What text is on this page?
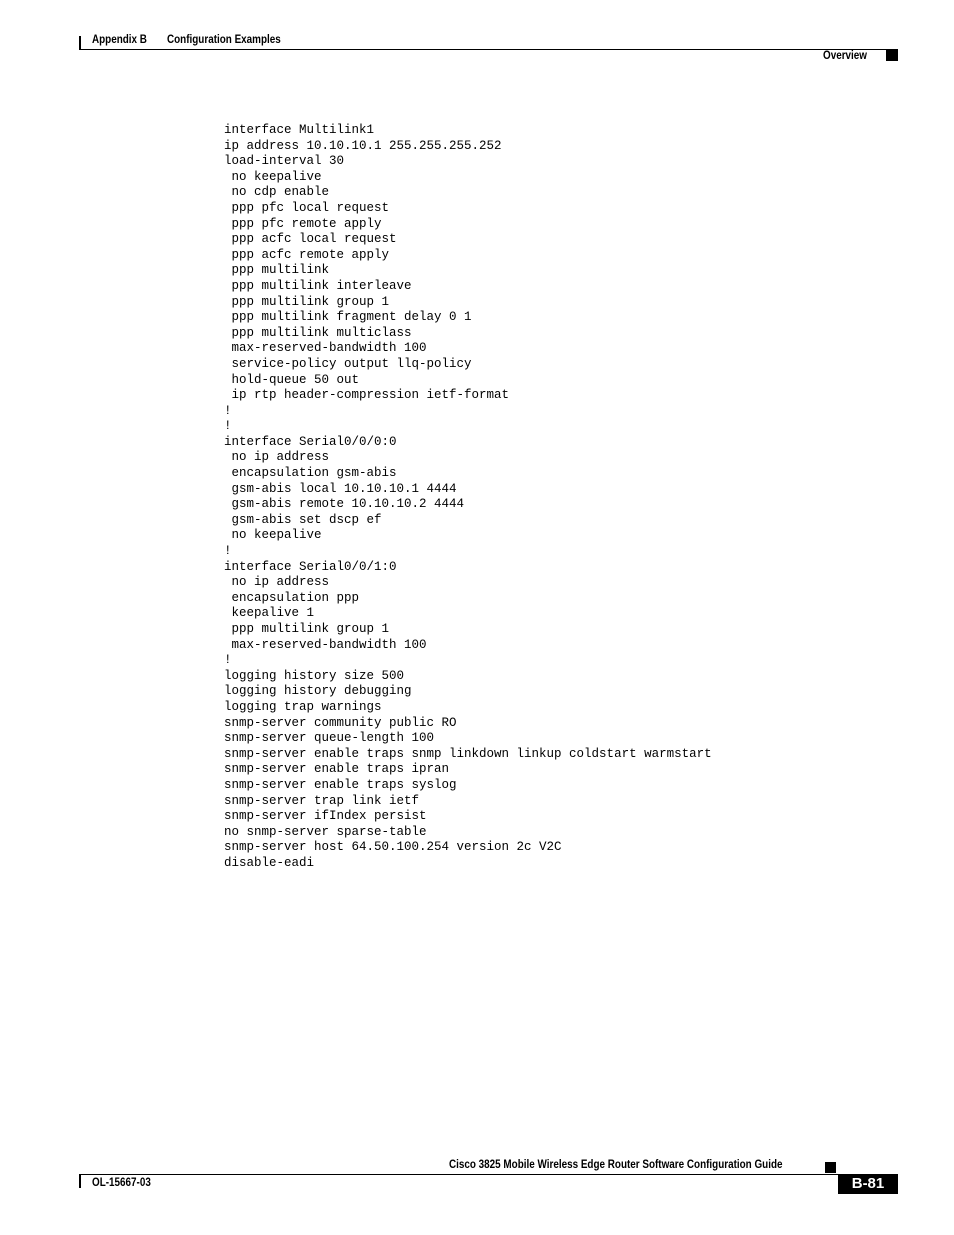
Appendix B Configuration Examples
Overview
interface Multilink1
ip address 10.10.10.1 255.255.255.252
load-interval 30
no keepalive
no cdp enable
ppp pfc local request
ppp pfc remote apply
ppp acfc local request
ppp acfc remote apply
ppp multilink
ppp multilink interleave
ppp multilink group 1
ppp multilink fragment delay 0 1
ppp multilink multiclass
max-reserved-bandwidth 100
service-policy output llq-policy
hold-queue 50 out
ip rtp header-compression ietf-format
!
!
interface Serial0/0/0:0
no ip address
encapsulation gsm-abis
gsm-abis local 10.10.10.1 4444
gsm-abis remote 10.10.10.2 4444
gsm-abis set dscp ef
no keepalive
!
interface Serial0/0/1:0
no ip address
encapsulation ppp
keepalive 1
ppp multilink group 1
max-reserved-bandwidth 100
!
logging history size 500
logging history debugging
logging trap warnings
snmp-server community public RO
snmp-server queue-length 100
snmp-server enable traps snmp linkdown linkup coldstart warmstart
snmp-server enable traps ipran
snmp-server enable traps syslog
snmp-server trap link ietf
snmp-server ifIndex persist
no snmp-server sparse-table
snmp-server host 64.50.100.254 version 2c V2C
disable-eadi
Cisco 3825 Mobile Wireless Edge Router Software Configuration Guide
OL-15667-03	B-81
